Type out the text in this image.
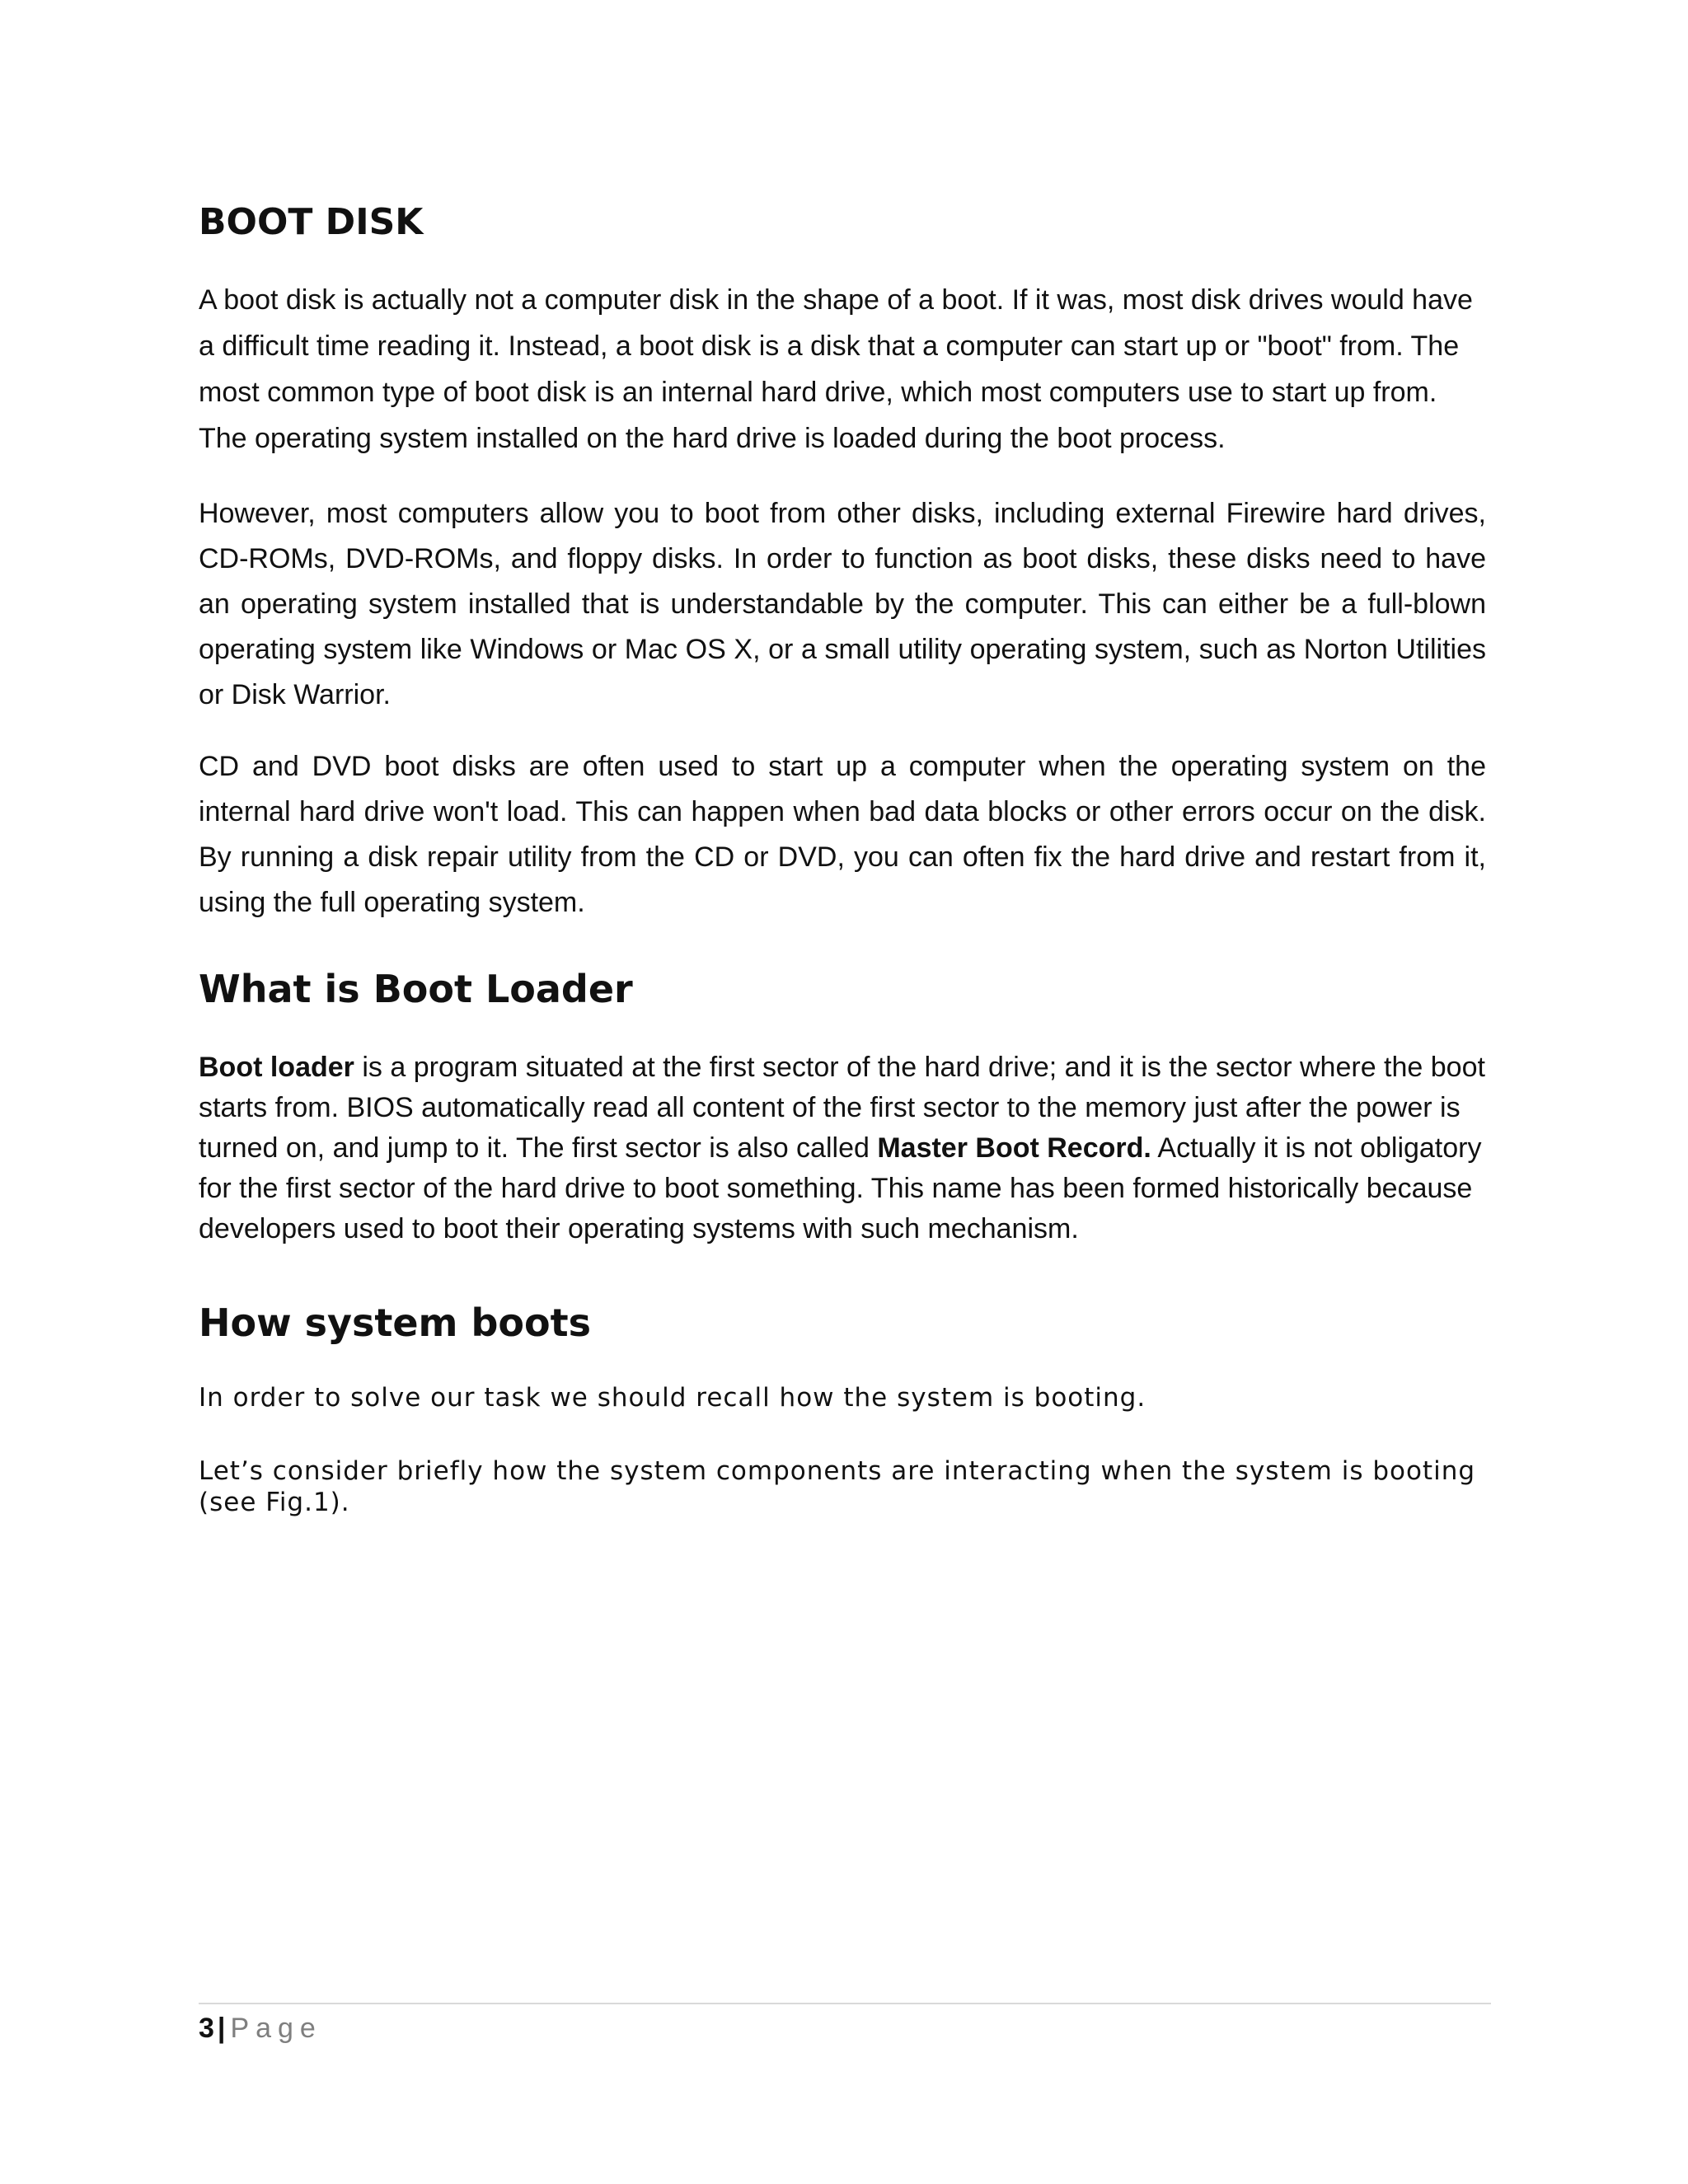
BOOT DISK

A boot disk is actually not a computer disk in the shape of a boot. If it was, most disk drives would have a difficult time reading it. Instead, a boot disk is a disk that a computer can start up or "boot" from. The most common type of boot disk is an internal hard drive, which most computers use to start up from. The operating system installed on the hard drive is loaded during the boot process.

However, most computers allow you to boot from other disks, including external Firewire hard drives, CD-ROMs, DVD-ROMs, and floppy disks. In order to function as boot disks, these disks need to have an operating system installed that is understandable by the computer. This can either be a full-blown operating system like Windows or Mac OS X, or a small utility operating system, such as Norton Utilities or Disk Warrior.

CD and DVD boot disks are often used to start up a computer when the operating system on the internal hard drive won't load. This can happen when bad data blocks or other errors occur on the disk. By running a disk repair utility from the CD or DVD, you can often fix the hard drive and restart from it, using the full operating system.

What is Boot Loader

Boot loader is a program situated at the first sector of the hard drive; and it is the sector where the boot starts from. BIOS automatically read all content of the first sector to the memory just after the power is turned on, and jump to it. The first sector is also called Master Boot Record. Actually it is not obligatory for the first sector of the hard drive to boot something. This name has been formed historically because developers used to boot their operating systems with such mechanism.

How system boots

In order to solve our task we should recall how the system is booting.

Let’s consider briefly how the system components are interacting when the system is booting (see Fig.1).

3 | Page
